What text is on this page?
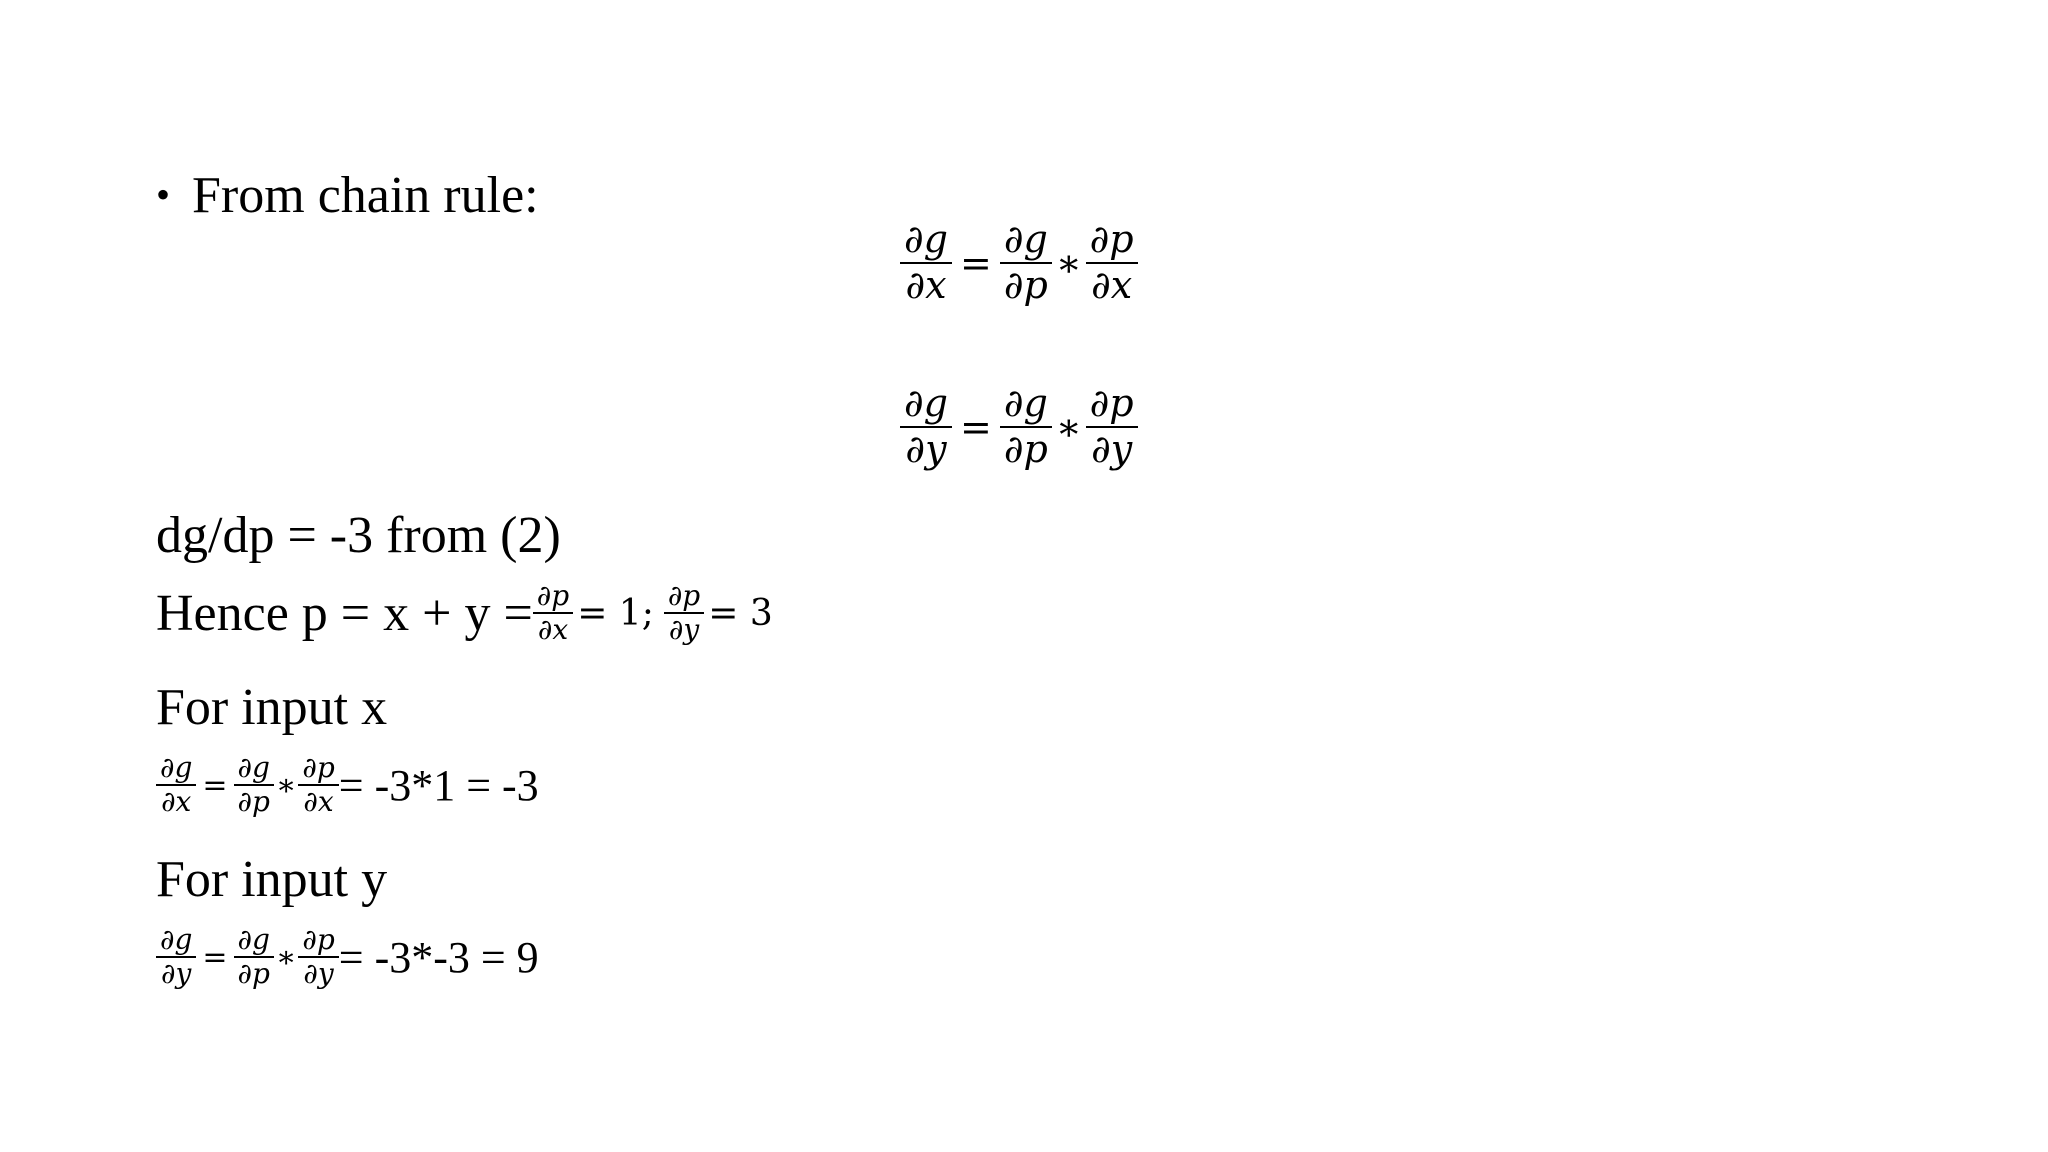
• From chain rule:
$\frac{\partial g}{\partial x} = \frac{\partial g}{\partial p}$ ∗ $\frac{\partial p}{\partial x}$
$\frac{\partial g}{\partial y} = \frac{\partial g}{\partial p}$ ∗ $\frac{\partial p}{\partial y}$
dg/dp = -3 from (2)
Hence $p = x + y = \frac{\partial p}{\partial x} = 1$; $\frac{\partial p}{\partial y} = 3$
For input x
$\frac{\partial g}{\partial x} = \frac{\partial g}{\partial p}$ ∗ $\frac{\partial p}{\partial x} = -3*1 = -3$
For input y
$\frac{\partial g}{\partial y} = \frac{\partial g}{\partial p}$ ∗ $\frac{\partial p}{\partial y} = -3*-3 = 9$
